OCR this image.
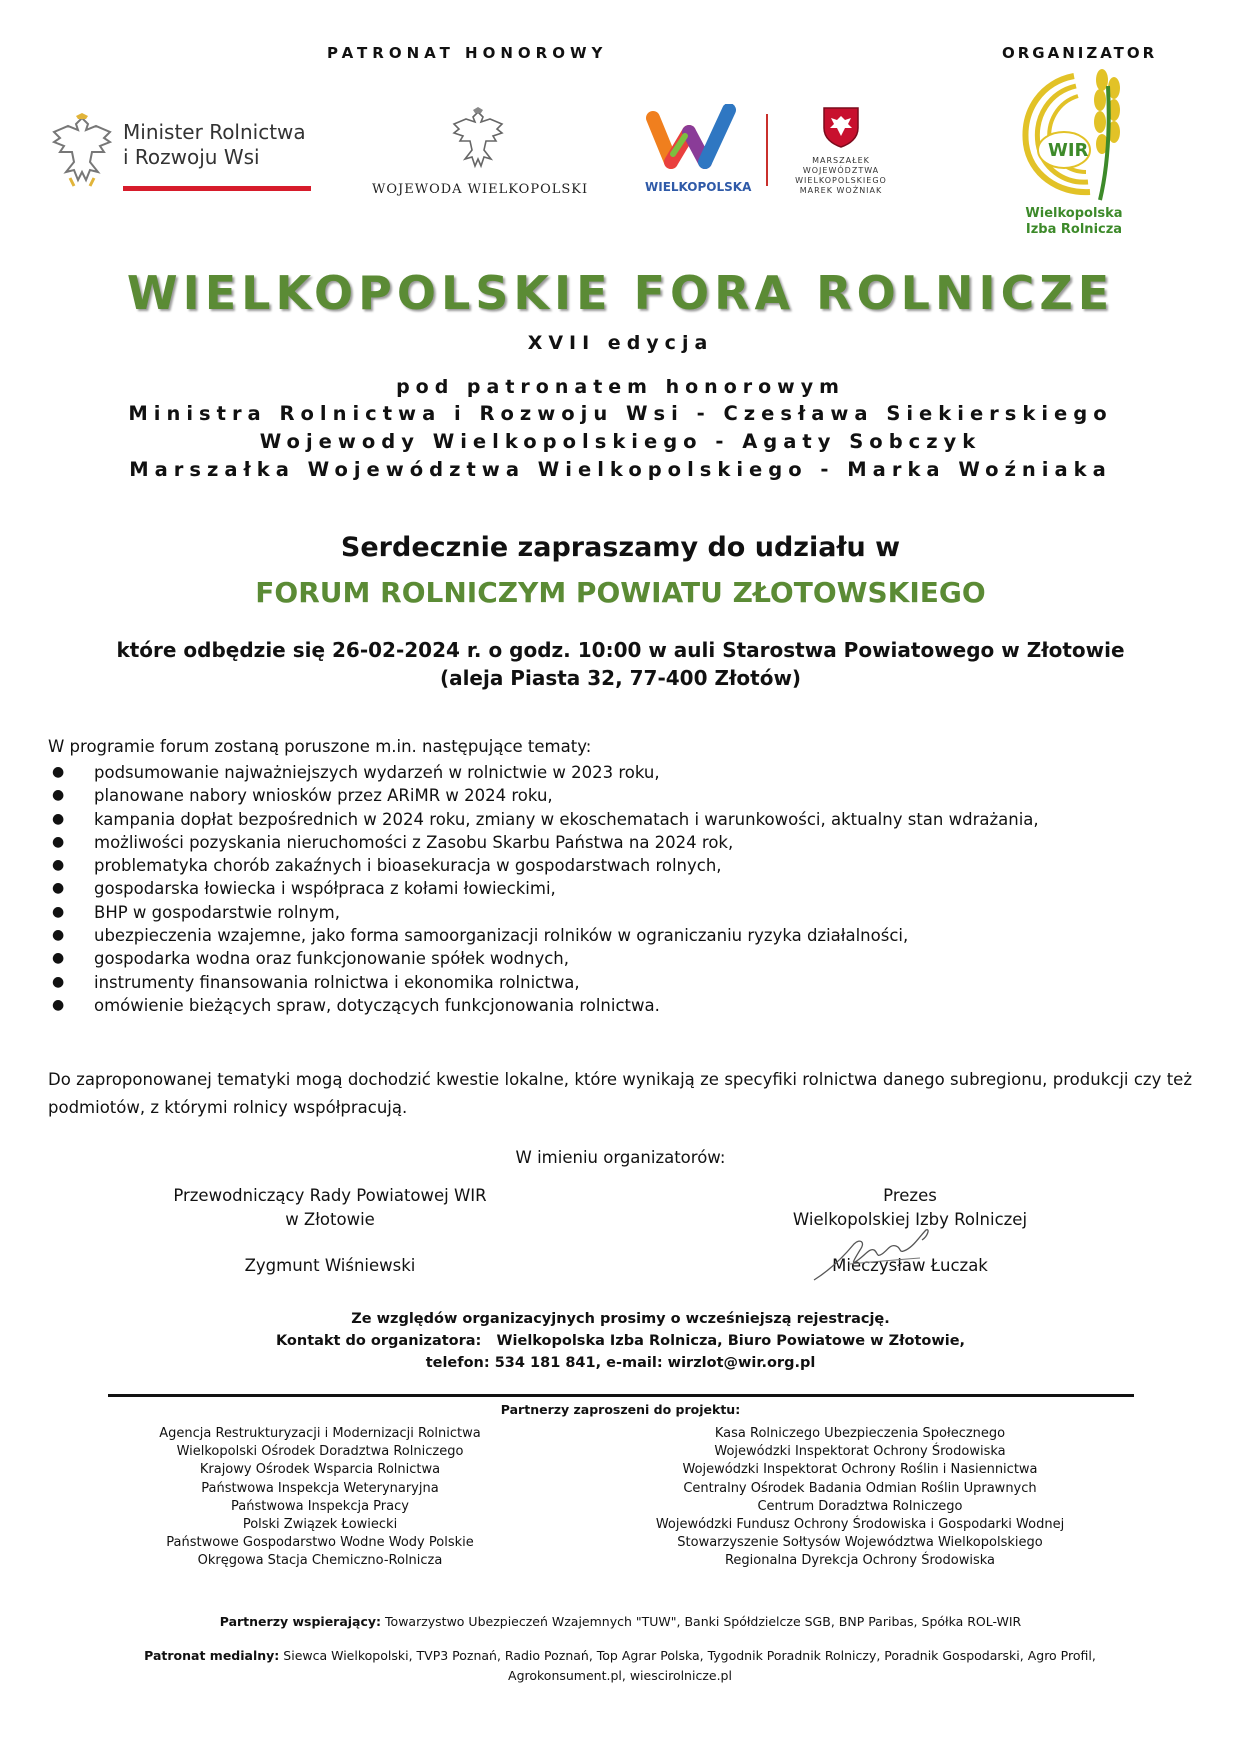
PATRONAT HONOROWY	ORGANIZATOR
Minister Rolnictwa
i Rozwoju Wsi
WOJEWODA WIELKOPOLSKI	WIELKOPOLSKA
MARSZAŁEK
WOJEWÓDZTWA
WIELKOPOLSKIEGO
MAREK WOŹNIAK
WIR
Wielkopolska
Izba Rolnicza
WIELKOPOLSKIE FORA ROLNICZE
XVII edycja
pod patronatem honorowym
Ministra Rolnictwa i Rozwoju Wsi - Czesława Siekierskiego
Wojewody Wielkopolskiego - Agaty Sobczyk
Marszałka Województwa Wielkopolskiego - Marka Woźniaka
Serdecznie zapraszamy do udziału w
FORUM ROLNICZYM POWIATU ZŁOTOWSKIEGO
które odbędzie się 26-02-2024 r. o godz. 10:00 w auli Starostwa Powiatowego w Złotowie
(aleja Piasta 32, 77-400 Złotów)
W programie forum zostaną poruszone m.in. następujące tematy:
● podsumowanie najważniejszych wydarzeń w rolnictwie w 2023 roku,
● planowane nabory wniosków przez ARiMR w 2024 roku,
● kampania dopłat bezpośrednich w 2024 roku, zmiany w ekoschematach i warunkowości, aktualny stan wdrażania,
● możliwości pozyskania nieruchomości z Zasobu Skarbu Państwa na 2024 rok,
● problematyka chorób zakaźnych i bioasekuracja w gospodarstwach rolnych,
● gospodarska łowiecka i współpraca z kołami łowieckimi,
● BHP w gospodarstwie rolnym,
● ubezpieczenia wzajemne, jako forma samoorganizacji rolników w ograniczaniu ryzyka działalności,
● gospodarka wodna oraz funkcjonowanie spółek wodnych,
● instrumenty finansowania rolnictwa i ekonomika rolnictwa,
● omówienie bieżących spraw, dotyczących funkcjonowania rolnictwa.
Do zaproponowanej tematyki mogą dochodzić kwestie lokalne, które wynikają ze specyfiki rolnictwa danego subregionu, produkcji czy też podmiotów, z którymi rolnicy współpracują.
W imieniu organizatorów:
Przewodniczący Rady Powiatowej WIR
w Złotowie
Zygmunt Wiśniewski
Prezes
Wielkopolskiej Izby Rolniczej
Mieczysław Łuczak
Ze względów organizacyjnych prosimy o wcześniejszą rejestrację.
Kontakt do organizatora: Wielkopolska Izba Rolnicza, Biuro Powiatowe w Złotowie,
telefon: 534 181 841, e-mail: wirzlot@wir.org.pl
Partnerzy zaproszeni do projektu:
Agencja Restrukturyzacji i Modernizacji Rolnictwa
Wielkopolski Ośrodek Doradztwa Rolniczego
Krajowy Ośrodek Wsparcia Rolnictwa
Państwowa Inspekcja Weterynaryjna
Państwowa Inspekcja Pracy
Polski Związek Łowiecki
Państwowe Gospodarstwo Wodne Wody Polskie
Okręgowa Stacja Chemiczno-Rolnicza
Kasa Rolniczego Ubezpieczenia Społecznego
Wojewódzki Inspektorat Ochrony Środowiska
Wojewódzki Inspektorat Ochrony Roślin i Nasiennictwa
Centralny Ośrodek Badania Odmian Roślin Uprawnych
Centrum Doradztwa Rolniczego
Wojewódzki Fundusz Ochrony Środowiska i Gospodarki Wodnej
Stowarzyszenie Sołtysów Województwa Wielkopolskiego
Regionalna Dyrekcja Ochrony Środowiska
Partnerzy wspierający: Towarzystwo Ubezpieczeń Wzajemnych "TUW", Banki Spółdzielcze SGB, BNP Paribas, Spółka ROL-WIR
Patronat medialny: Siewca Wielkopolski, TVP3 Poznań, Radio Poznań, Top Agrar Polska, Tygodnik Poradnik Rolniczy, Poradnik Gospodarski, Agro Profil,
Agrokonsument.pl, wiescirolnicze.pl
